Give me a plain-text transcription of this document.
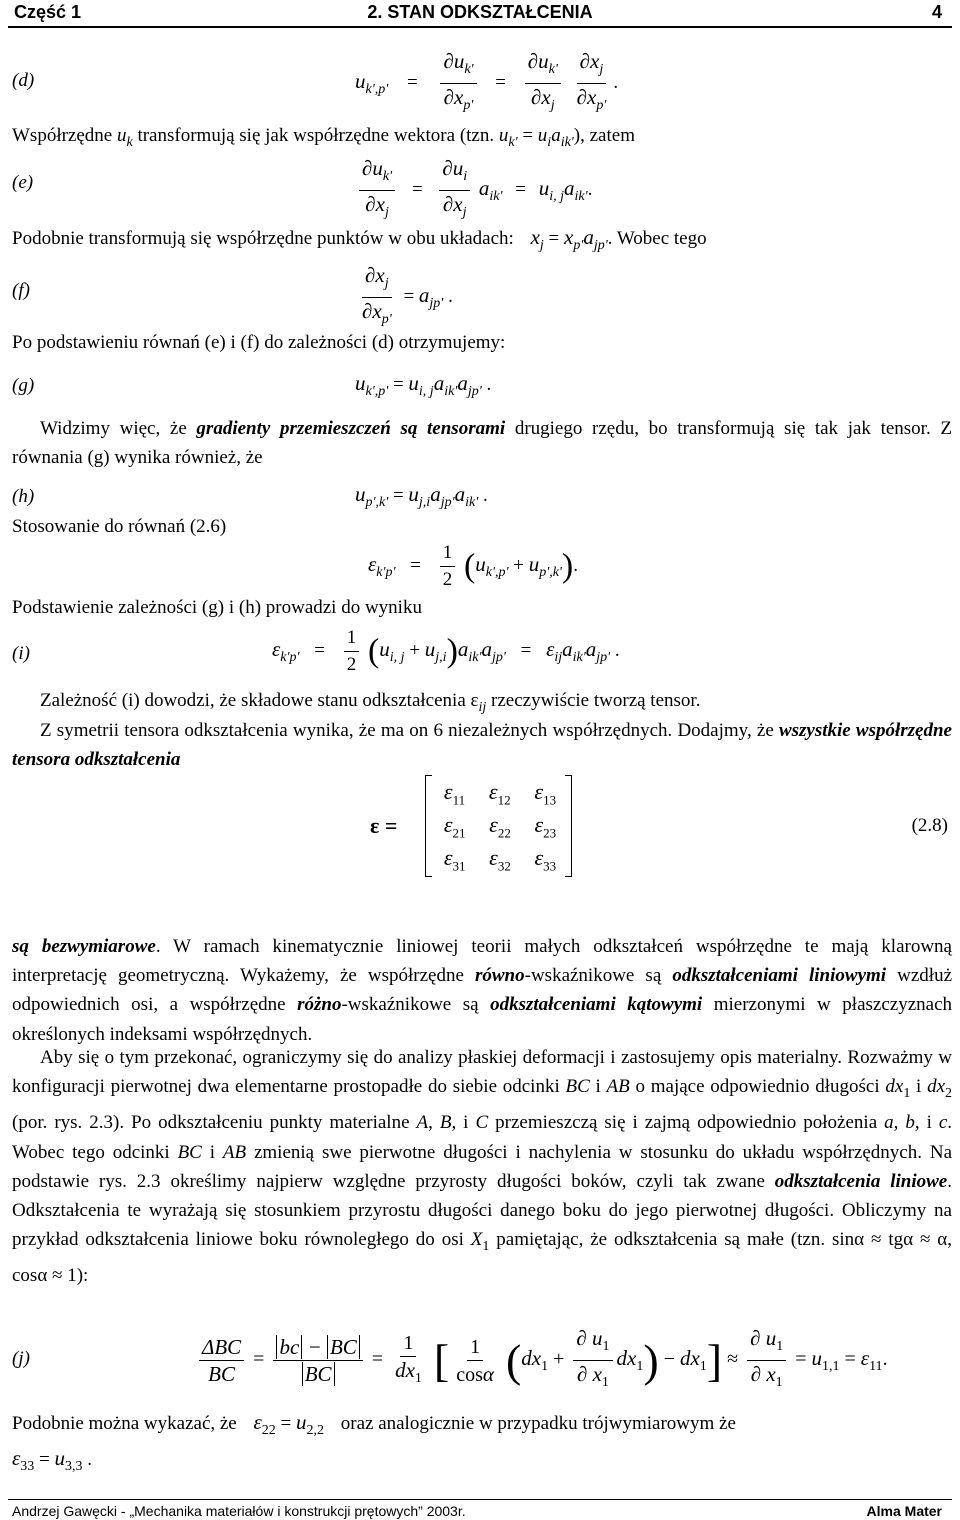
2. STAN ODKSZTAŁCENIA
Część 1	4
(d)	$u_{k',p'} = \frac{\partial u_{k'}}{\partial x_{p'}} = \frac{\partial u_{k'}}{\partial x_j}$
$\frac{\partial x_j}{\partial x_{p'}}$ .
Współrzędne $u_k$ transformują się jak współrzędne wektora (tzn. $u_{k'} = u_ia_{ik'}$), zatem
(e)	$\frac{\partial u_{k'}}{\partial x_j} = \frac{\partial u_i}{\partial x_j} a_{ik'} = u_{i, j}a_{ik'}$.
Podobnie transformują się współrzędne punktów w obu układach: $x_j = x_{p'}a_{jp'}$. Wobec tego
(f)	$\frac{\partial x_j}{\partial x_{p'}} = a_{jp'}$ .
Po podstawieniu równań (e) i (f) do zależności (d) otrzymujemy:
(g)	$u_{k',p'} = u_{i, j}a_{ik'}a_{jp'}$ .
Widzimy więc, że gradienty przemieszczeń są tensorami drugiego rzędu, bo transformują się tak jak tensor. Z równania (g) wynika również, że
(h)	$u_{p',k'} = u_{j,i}a_{jp'}a_{ik'}$ .
Stosowanie do równań (2.6)
$\varepsilon_{k'p'} = \frac{1}{2} (u_{k',p'} + u_{p',k'})$.
Podstawienie zależności (g) i (h) prowadzi do wyniku
(i)	$\varepsilon_{k'p'} = \frac{1}{2} (u_{i, j} + u_{j,i})a_{ik'}a_{jp'} = \varepsilon_{ij}a_{ik'}a_{jp'}$ .
Zależność (i) dowodzi, że składowe stanu odkształcenia $\varepsilon_{ij}$ rzeczywiście tworzą tensor.
Z symetrii tensora odkształcenia wynika, że ma on 6 niezależnych współrzędnych. Dodajmy, że wszystkie współrzędne tensora odkształcenia
ε =
$\varepsilon_{11}$ $\varepsilon_{12}$ $\varepsilon_{13}$
$\varepsilon_{21}$ $\varepsilon_{22}$ $\varepsilon_{23}$
$\varepsilon_{31}$ $\varepsilon_{32}$ $\varepsilon_{33}$
(2.8)
są bezwymiarowe. W ramach kinematycznie liniowej teorii małych odkształceń współrzędne te mają klarowną interpretację geometryczną. Wykażemy, że współrzędne równo-wskaźnikowe są odkształceniami liniowymi wzdłuż odpowiednich osi, a współrzędne różno-wskaźnikowe są odkształceniami kątowymi mierzonymi w płaszczyznach określonych indeksami współrzędnych.
Aby się o tym przekonać, ograniczymy się do analizy płaskiej deformacji i zastosujemy opis materialny. Rozważmy w konfiguracji pierwotnej dwa elementarne prostopadłe do siebie odcinki BC i AB o mające odpowiednio długości $dx_1$ i $dx_2$ (por. rys. 2.3). Po odkształceniu punkty materialne A, B, i C przemieszczą się i zajmą odpowiednio położenia a, b, i c. Wobec tego odcinki BC i AB zmienią swe pierwotne długości i nachylenia w stosunku do układu współrzędnych. Na podstawie rys. 2.3 określimy najpierw względne przyrosty długości boków, czyli tak zwane odkształcenia liniowe. Odkształcenia te wyrażają się stosunkiem przyrostu długości danego boku do jego pierwotnej długości. Obliczymy na przykład odkształcenia liniowe boku równoległego do osi $X_1$ pamiętając, że odkształcenia są małe (tzn. sinα ≈ tgα ≈ α, cosα ≈ 1):
(j)	$\frac{\text{ΔBC}}{BC} = \frac{bc - BC}{BC} = \frac{1}{dx_1}$ [ $\frac{1}{\cos\alpha} (dx_1 + \frac{\partial u_1}{\partial x_1} dx_1) - dx_1] \approx \frac{\partial u_1}{\partial x_1} = u_{1,1} = \varepsilon_{11}$.
Podobnie można wykazać, że $\varepsilon_{22} = u_{2,2}$ oraz analogicznie w przypadku trójwymiarowym że
$\varepsilon_{33} = u_{3,3}$ .
Andrzej Gawęcki - „Mechanika materiałów i konstrukcji prętowych” 2003r.	Alma Mater
